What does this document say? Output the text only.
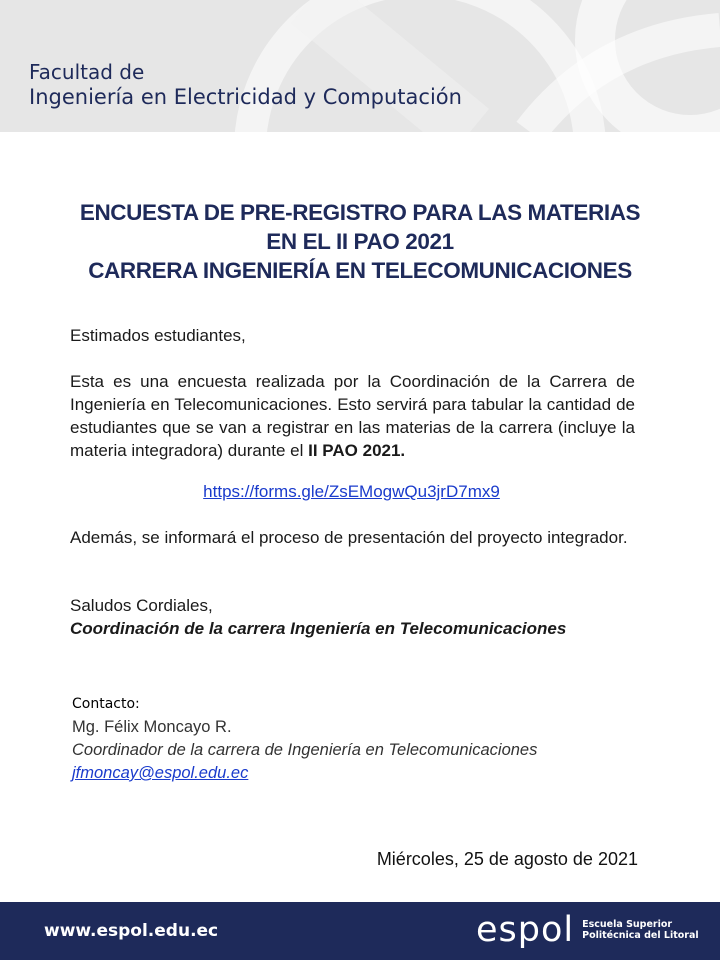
Facultad de
Ingeniería en Electricidad y Computación
ENCUESTA DE PRE-REGISTRO PARA LAS MATERIAS
EN EL II PAO 2021
CARRERA INGENIERÍA EN TELECOMUNICACIONES
Estimados estudiantes,
Esta es una encuesta realizada por la Coordinación de la Carrera de Ingeniería en Telecomunicaciones. Esto servirá para tabular la cantidad de estudiantes que se van a registrar en las materias de la carrera (incluye la materia integradora) durante el II PAO 2021.
https://forms.gle/ZsEMogwQu3jrD7mx9
Además, se informará el proceso de presentación del proyecto integrador.
Saludos Cordiales,
Coordinación de la carrera Ingeniería en Telecomunicaciones
Contacto:
Mg. Félix Moncayo R.
Coordinador de la carrera de Ingeniería en Telecomunicaciones
jfmoncay@espol.edu.ec
Miércoles, 25 de agosto de 2021
www.espol.edu.ec	espol Escuela Superior
Politécnica del Litoral
